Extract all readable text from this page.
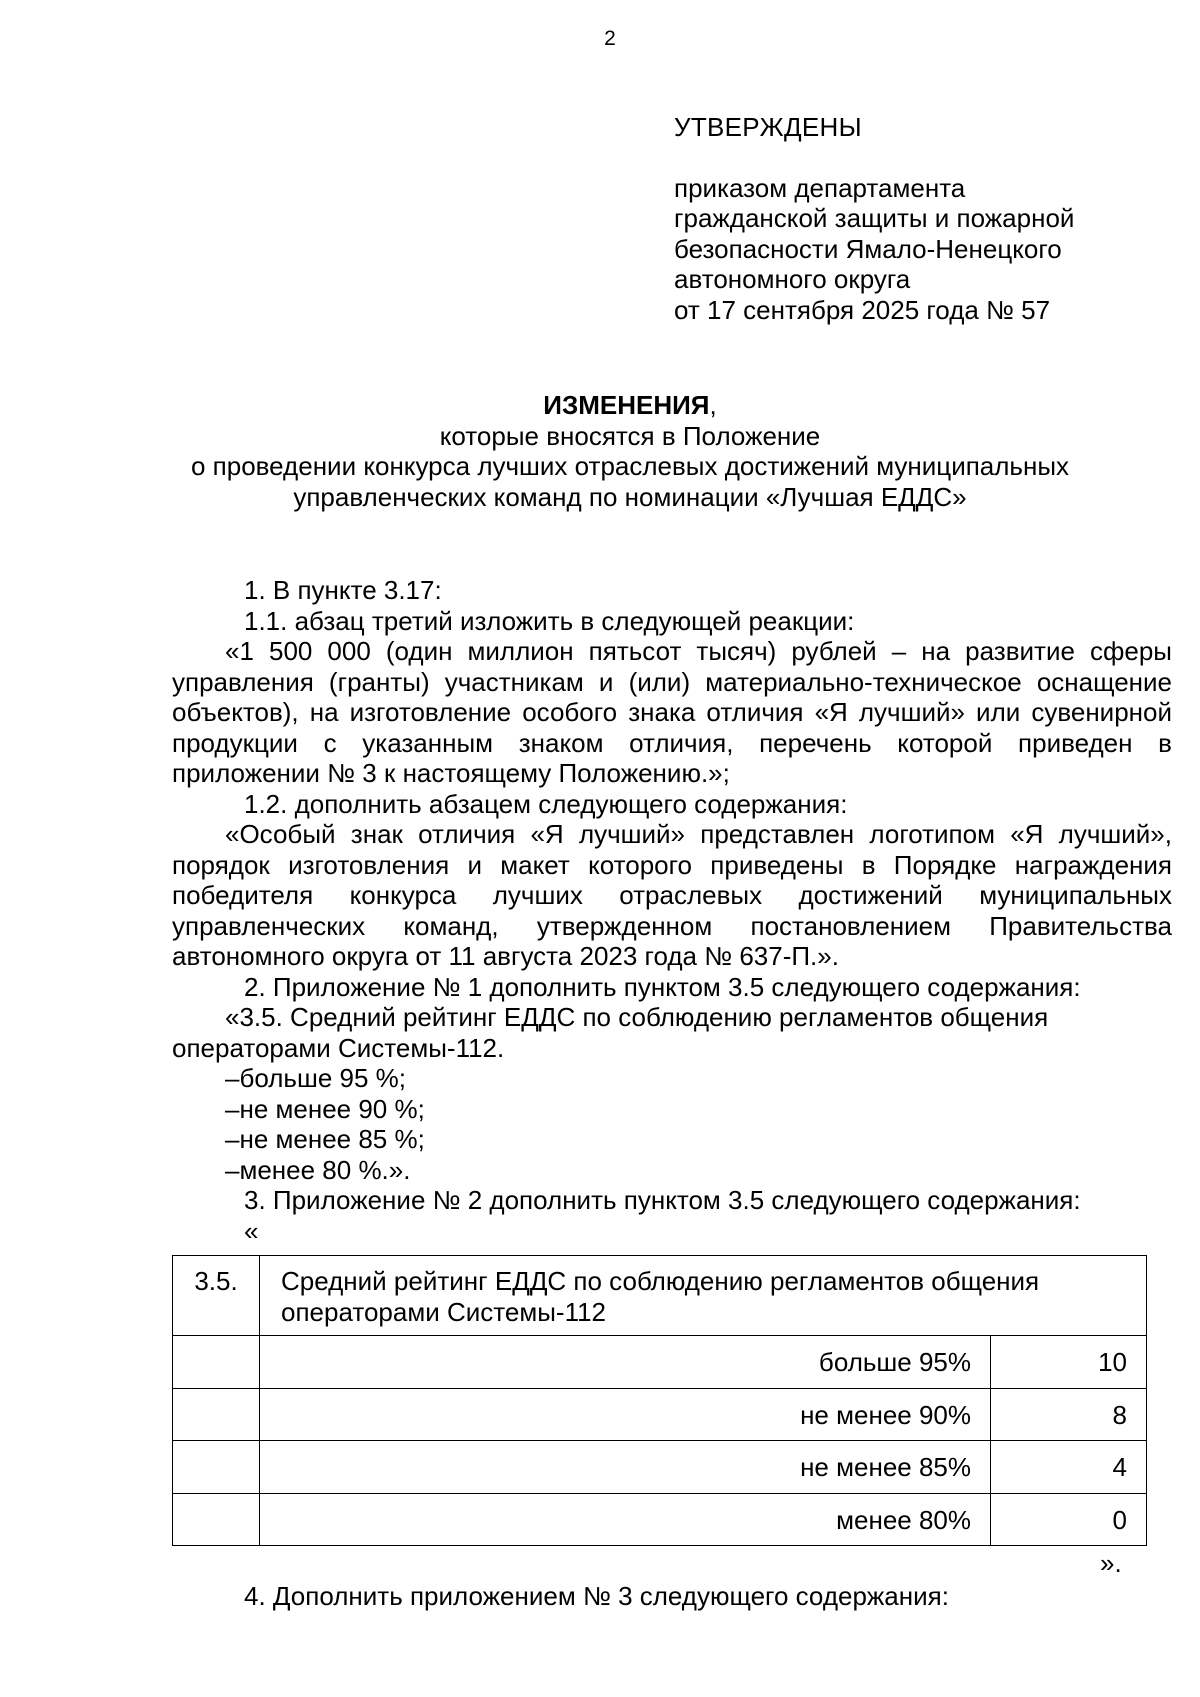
2
УТВЕРЖДЕНЫ
приказом департамента
гражданской защиты и пожарной
безопасности Ямало-Ненецкого
автономного округа
от 17 сентября 2025 года № 57
ИЗМЕНЕНИЯ,
которые вносятся в Положение
о проведении конкурса лучших отраслевых достижений муниципальных
управленческих команд по номинации «Лучшая ЕДДС»

1. В пункте 3.17:

1.1. абзац третий изложить в следующей реакции:

«1 500 000 (один миллион пятьсот тысяч) рублей – на развитие сферы управления (гранты) участникам и (или) материально-техническое оснащение объектов), на изготовление особого знака отличия «Я лучший» или сувенирной продукции с указанным знаком отличия, перечень которой приведен в приложении № 3 к настоящему Положению.»;

1.2. дополнить абзацем следующего содержания:

«Особый знак отличия «Я лучший» представлен логотипом «Я лучший», порядок изготовления и макет которого приведены в Порядке награждения победителя конкурса лучших отраслевых достижений муниципальных управленческих команд, утвержденном постановлением Правительства автономного округа от 11 августа 2023 года № 637-П.».

2. Приложение № 1 дополнить пунктом 3.5 следующего содержания:

«3.5. Средний рейтинг ЕДДС по соблюдению регламентов общения операторами Системы-112.

–больше 95 %;

–не менее 90 %;

–не менее 85 %;

–менее 80 %.».

3. Приложение № 2 дополнить пунктом 3.5 следующего содержания:

«

3.5.	Средний рейтинг ЕДДС по соблюдению регламентов общения операторами Системы-112	
	больше 95%	10
	не менее 90%	8
	не менее 85%	4
	менее 80%	0
».
4. Дополнить приложением № 3 следующего содержания:
